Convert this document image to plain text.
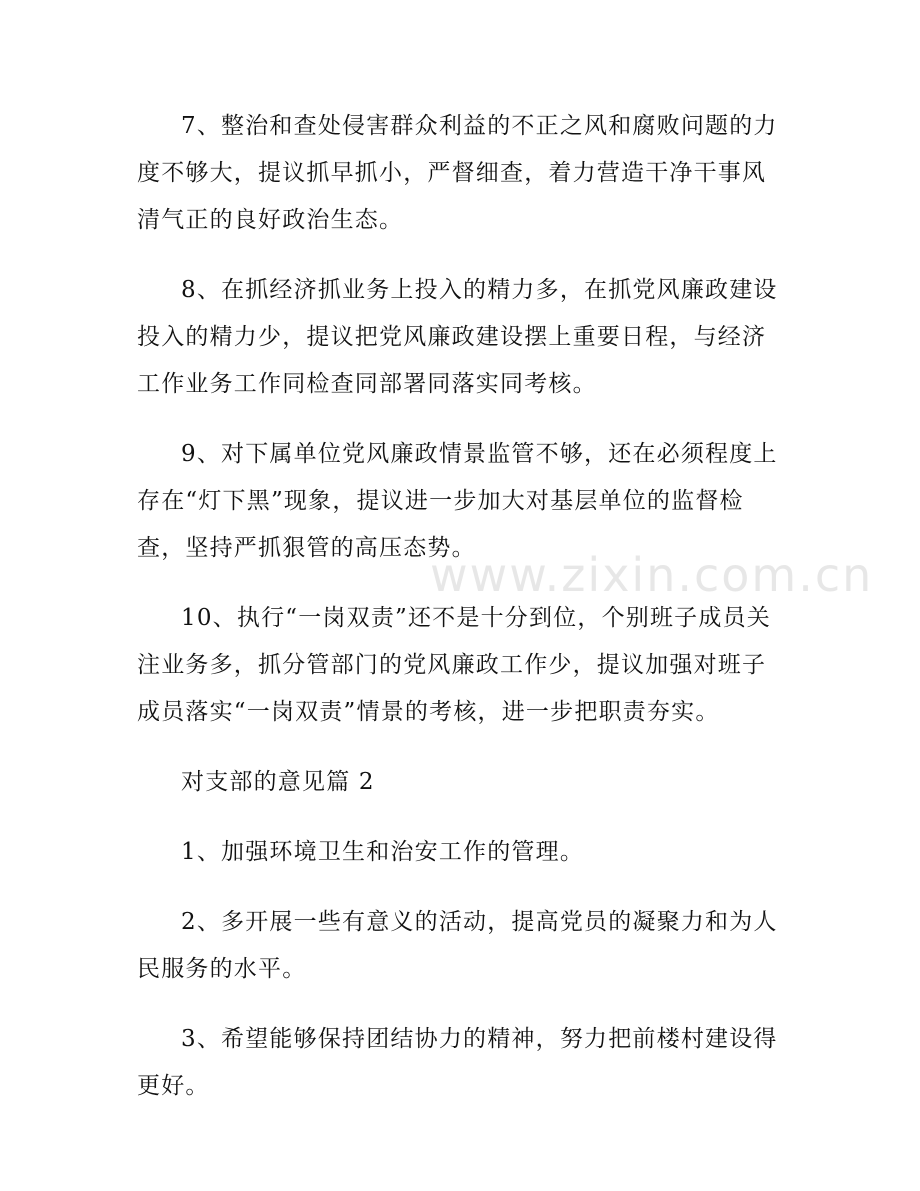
7、整治和查处侵害群众利益的不正之风和腐败问题的力度不够大，提议抓早抓小，严督细查，着力营造干净干事风清气正的良好政治生态。

8、在抓经济抓业务上投入的精力多，在抓党风廉政建设投入的精力少，提议把党风廉政建设摆上重要日程，与经济工作业务工作同检查同部署同落实同考核。

9、对下属单位党风廉政情景监管不够，还在必须程度上存在“灯下黑”现象，提议进一步加大对基层单位的监督检查，坚持严抓狠管的高压态势。

10、执行“一岗双责”还不是十分到位，个别班子成员关注业务多，抓分管部门的党风廉政工作少，提议加强对班子成员落实“一岗双责”情景的考核，进一步把职责夯实。

对支部的意见篇 2

1、加强环境卫生和治安工作的管理。

2、多开展一些有意义的活动，提高党员的凝聚力和为人民服务的水平。

3、希望能够保持团结协力的精神，努力把前楼村建设得更好。

www.zixin.com.cn
